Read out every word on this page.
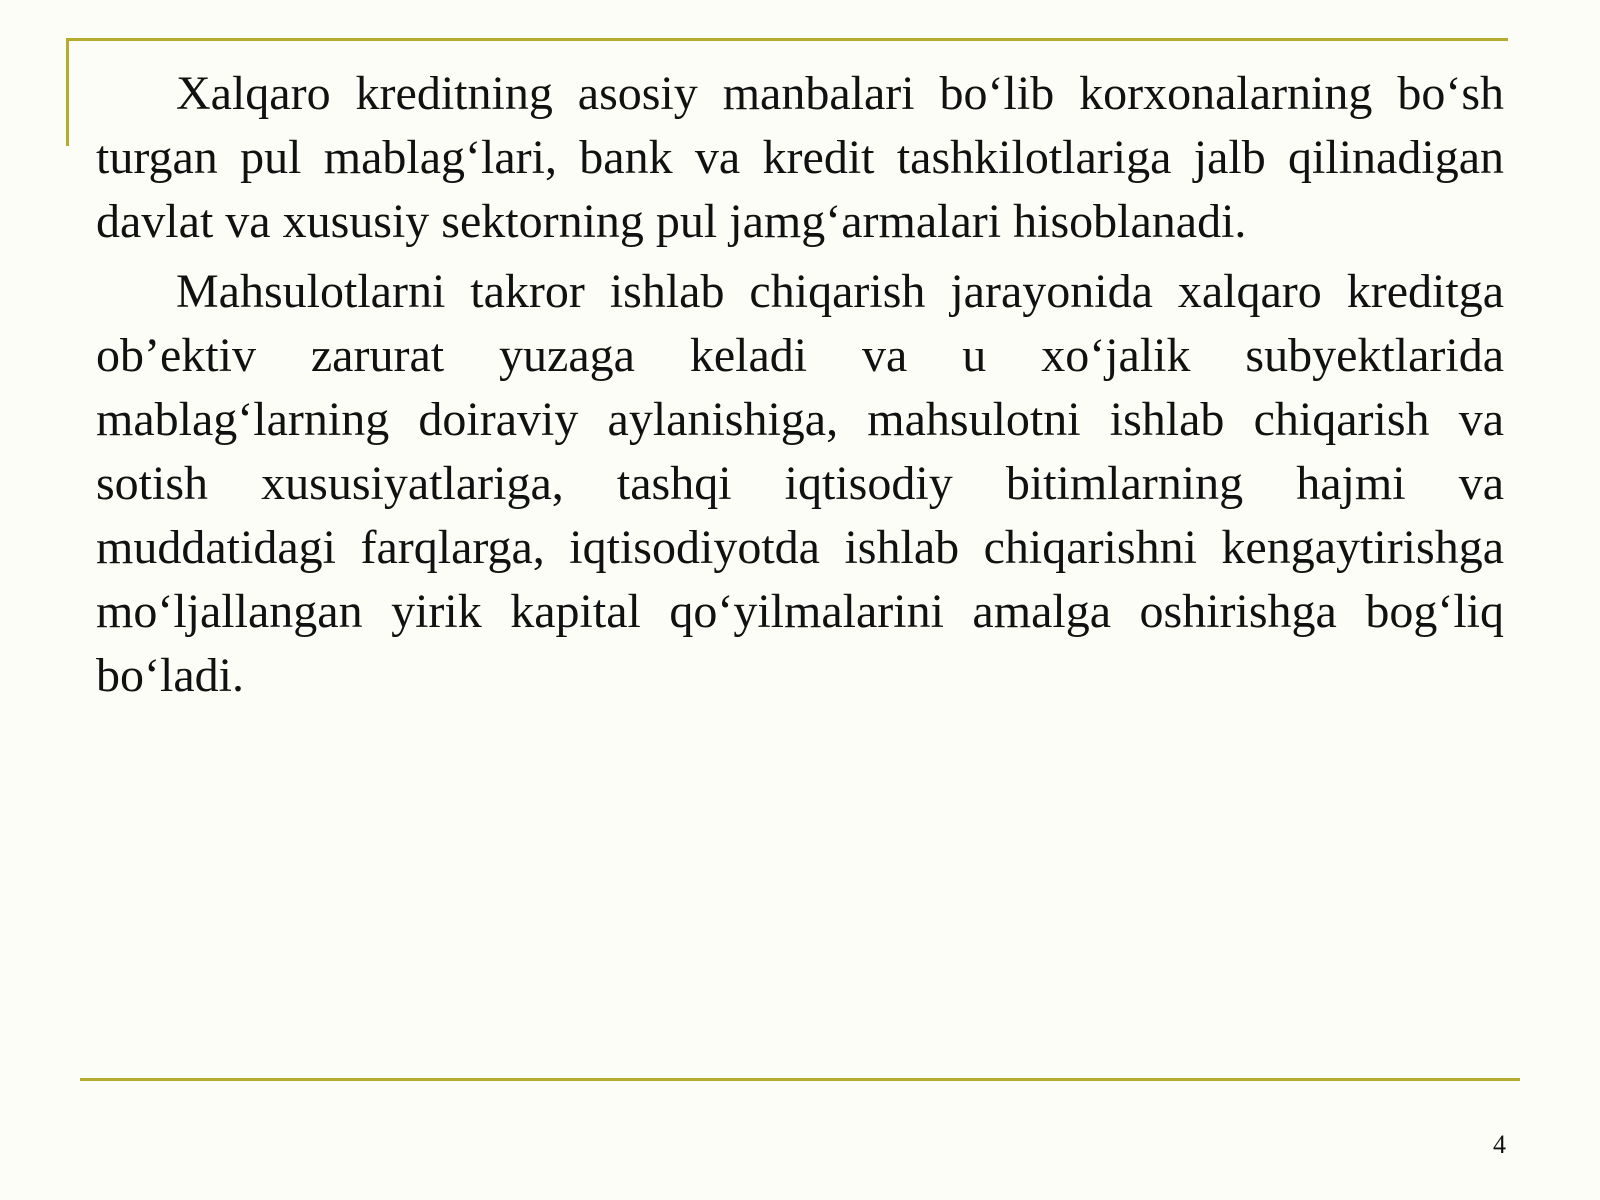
Xalqaro kreditning asosiy manbalari bo‘lib korxonalarning bo‘sh turgan pul mablag‘lari, bank va kredit tashkilotlariga jalb qilinadigan davlat va xususiy sektorning pul jamg‘armalari hisoblanadi.

Mahsulotlarni takror ishlab chiqarish jarayonida xalqaro kreditga ob’ektiv zarurat yuzaga keladi va u xo‘jalik subyektlarida mablag‘larning doiraviy aylanishiga, mahsulotni ishlab chiqarish va sotish xususiyatlariga, tashqi iqtisodiy bitimlarning hajmi va muddatidagi farqlarga, iqtisodiyotda ishlab chiqarishni kengaytirishga mo‘ljallangan yirik kapital qo‘yilmalarini amalga oshirishga bog‘liq bo‘ladi.

4
